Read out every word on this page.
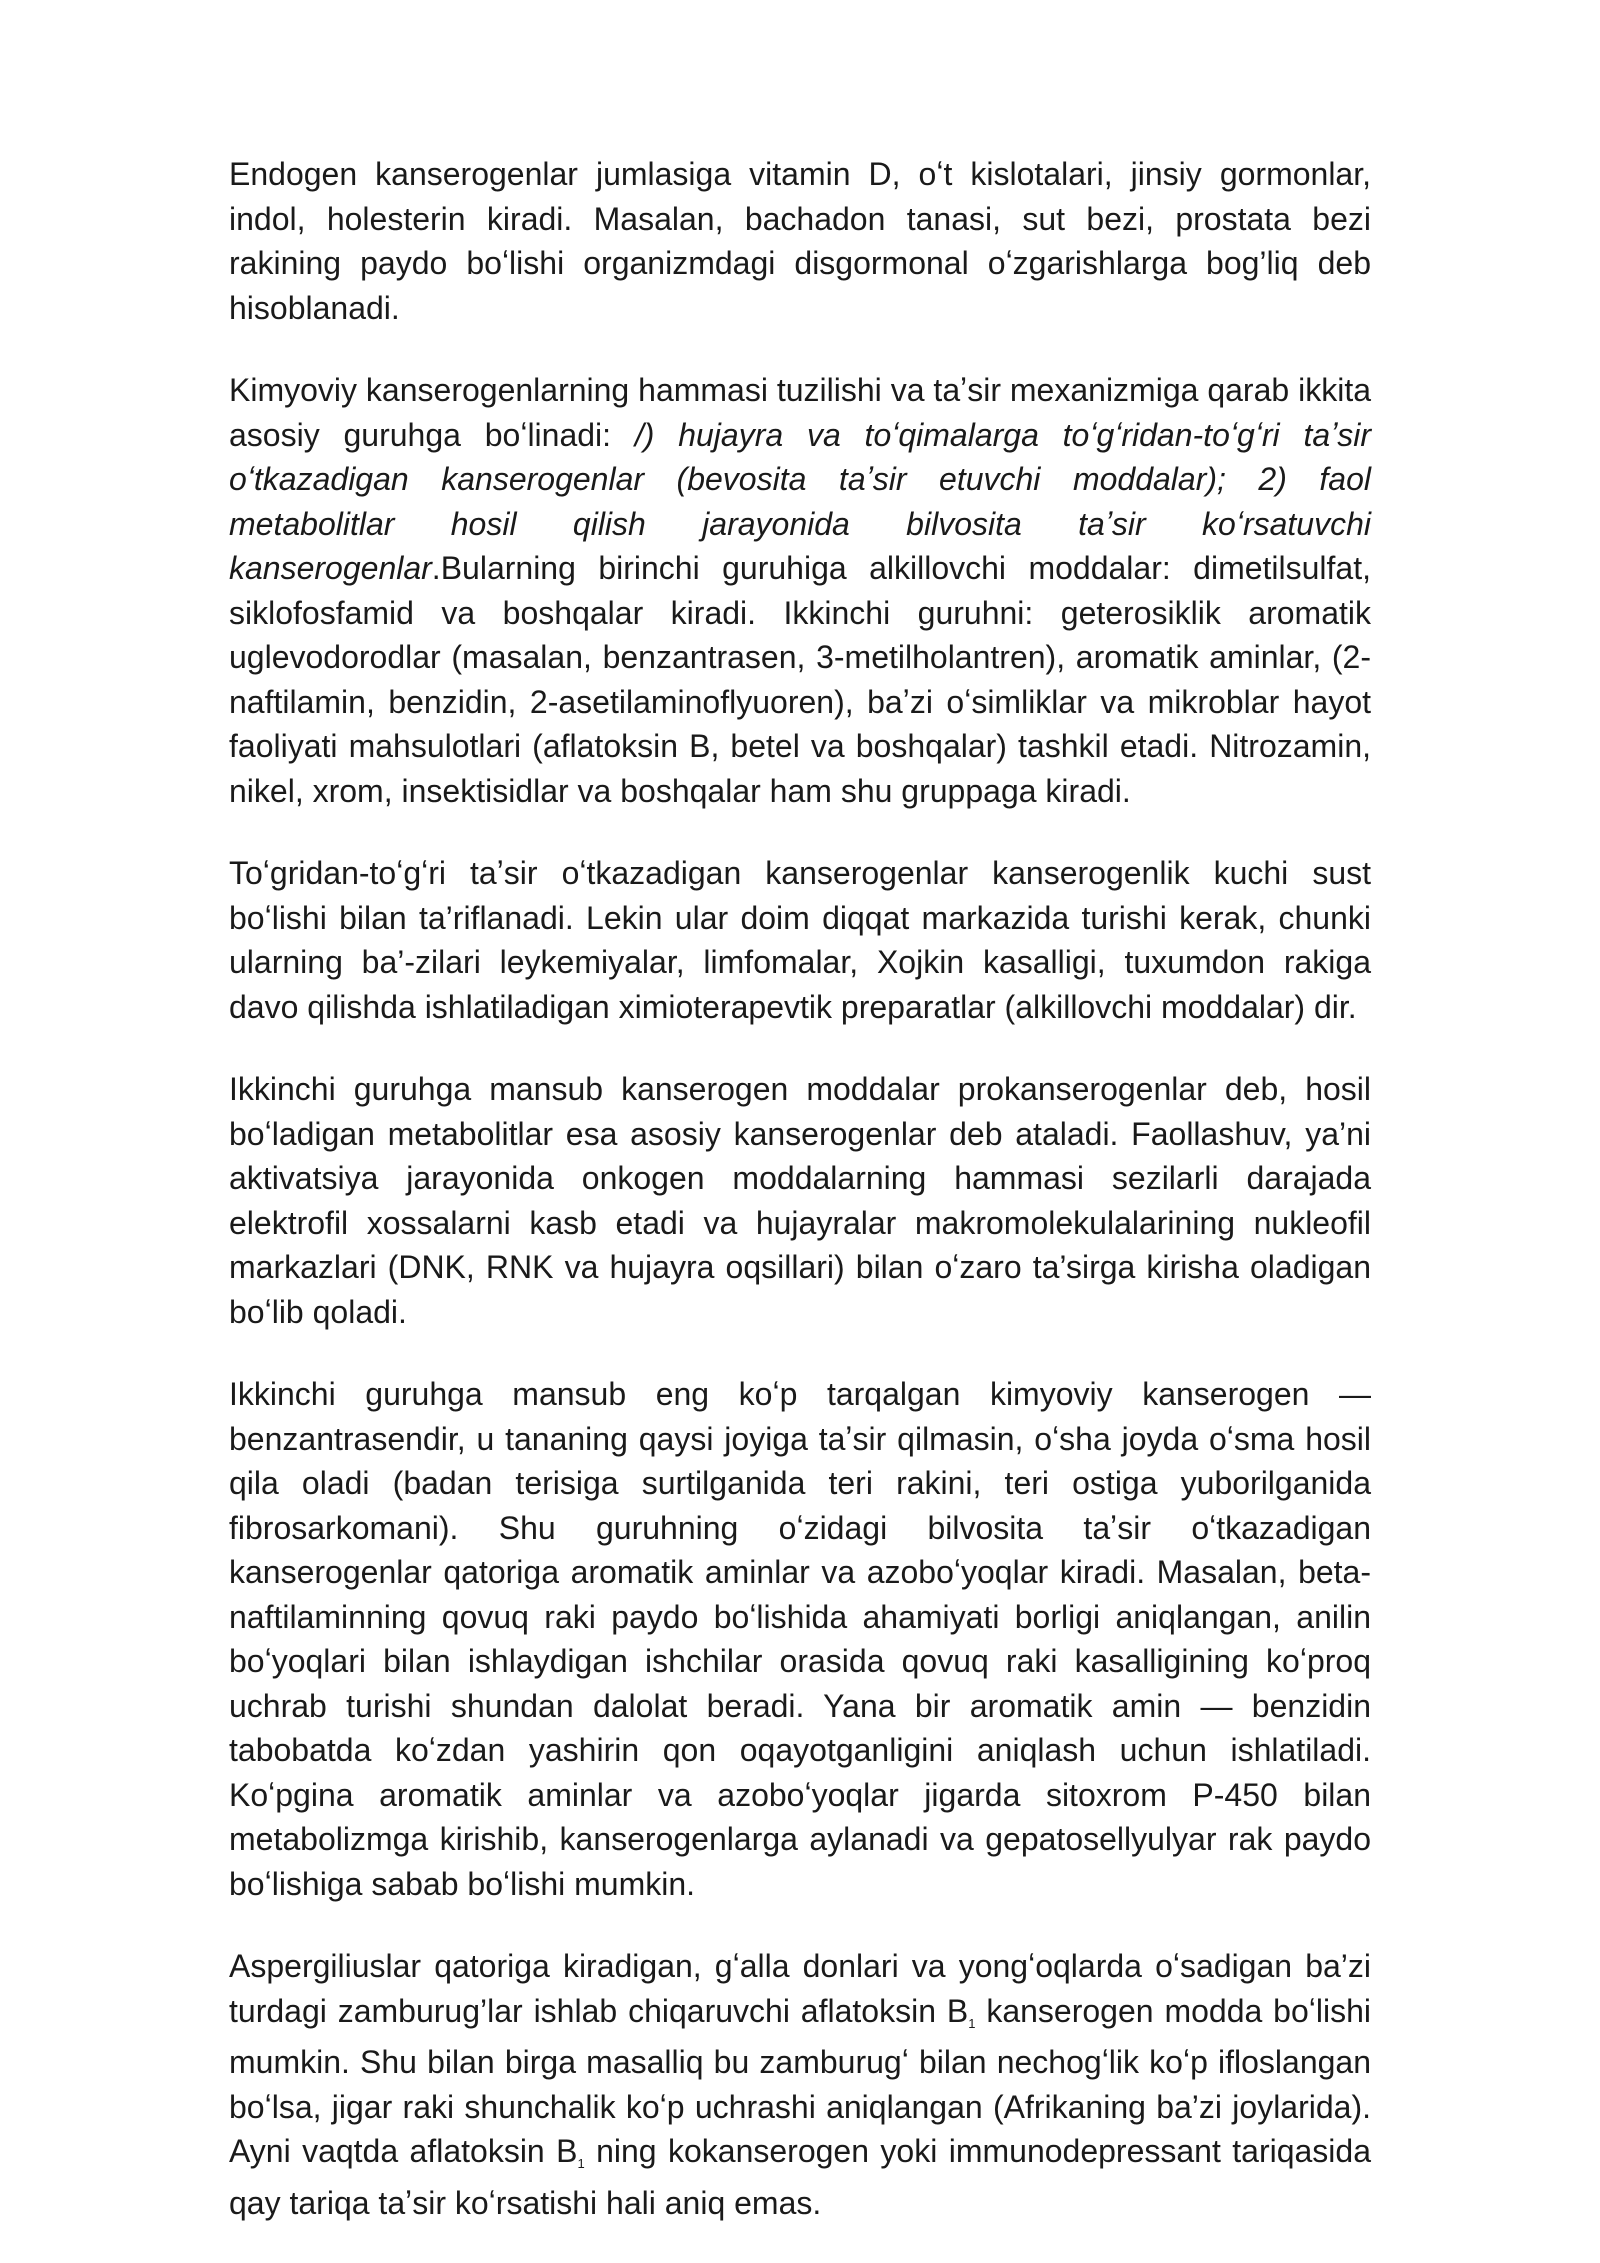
Endogen kanserogenlar jumlasiga vitamin D, oʻt kislotalari, jinsiy gormonlar, indol, holesterin kiradi. Masalan, bachadon tanasi, sut bezi, prostata bezi rakining paydo boʻlishi organizmdagi disgormonal oʻzgarishlarga bog’liq deb hisoblanadi.

Kimyoviy kanserogenlarning hammasi tuzilishi va taʼsir mexanizmiga qarab ikkita asosiy guruhga boʻlinadi: /) hujayra va toʻqimalarga toʻgʻridan-toʻgʻri taʼsir oʻtkazadigan kanserogenlar (bevosita taʼsir etuvchi moddalar); 2) faol metabolitlar hosil qilish jarayonida bilvosita taʼsir koʻrsatuvchi kanserogenlar.Bularning birinchi guruhiga alkillovchi moddalar: dimetilsulfat, siklofosfamid va boshqalar kiradi. Ikkinchi guruhni: geterosiklik aromatik uglevodorodlar (masalan, benzantrasen, 3-metilholantren), aromatik aminlar, (2-naftilamin, benzidin, 2-asetilaminoflyuoren), baʼzi oʻsimliklar va mikroblar hayot faoliyati mahsulotlari (aflatoksin B, betel va boshqalar) tashkil etadi. Nitrozamin, nikel, xrom, insektisidlar va boshqalar ham shu gruppaga kiradi.

Toʻgridan-toʻgʻri taʼsir oʻtkazadigan kanserogenlar kanserogenlik kuchi sust boʻlishi bilan ta’riflanadi. Lekin ular doim diqqat markazida turishi kerak, chunki ularning ba’-zilari leykemiyalar, limfomalar, Xojkin kasalligi, tuxumdon rakiga davo qilishda ishlatiladigan ximioterapevtik preparatlar (alkillovchi moddalar) dir.

Ikkinchi guruhga mansub kanserogen moddalar prokanserogenlar deb, hosil boʻladigan metabolitlar esa asosiy kanserogenlar deb ataladi. Faollashuv, ya’ni aktivatsiya jarayonida onkogen moddalarning hammasi sezilarli darajada elektrofil xossalarni kasb etadi va hujayralar makromolekulalarining nukleofil markazlari (DNK, RNK va hujayra oqsillari) bilan oʻzaro ta’sirga kirisha oladigan boʻlib qoladi.

Ikkinchi guruhga mansub eng koʻp tarqalgan kimyoviy kanserogen — benzantrasendir, u tananing qaysi joyiga taʼsir qilmasin, oʻsha joyda oʻsma hosil qila oladi (badan terisiga surtilganida teri rakini, teri ostiga yuborilganida fibrosarkomani). Shu guruhning oʻzidagi bilvosita taʼsir oʻtkazadigan kanserogenlar qatoriga aromatik aminlar va azoboʻyoqlar kiradi. Masalan, beta-naftilaminning qovuq raki paydo boʻlishida ahamiyati borligi aniqlangan, anilin boʻyoqlari bilan ishlaydigan ishchilar orasida qovuq raki kasalligining koʻproq uchrab turishi shundan dalolat beradi. Yana bir aromatik amin — benzidin tabobatda koʻzdan yashirin qon oqayotganligini aniqlash uchun ishlatiladi. Koʻpgina aromatik aminlar va azoboʻyoqlar jigarda sitoxrom P-450 bilan metabolizmga kirishib, kanserogenlarga aylanadi va gepatosellyulyar rak paydo boʻlishiga sabab boʻlishi mumkin.

Aspergiliuslar qatoriga kiradigan, gʻalla donlari va yongʻoqlarda oʻsadigan ba’zi turdagi zamburug’lar ishlab chiqaruvchi aflatoksin $B_1$ kanserogen modda boʻlishi mumkin. Shu bilan birga masalliq bu zamburugʻ bilan nechogʻlik koʻp ifloslangan boʻlsa, jigar raki shunchalik koʻp uchrashi aniqlangan (Afrikaning ba’zi joylarida). Ayni vaqtda aflatoksin $B_1$ ning kokanserogen yoki immunodepressant tariqasida qay tariqa taʼsir koʻrsatishi hali aniq emas.
